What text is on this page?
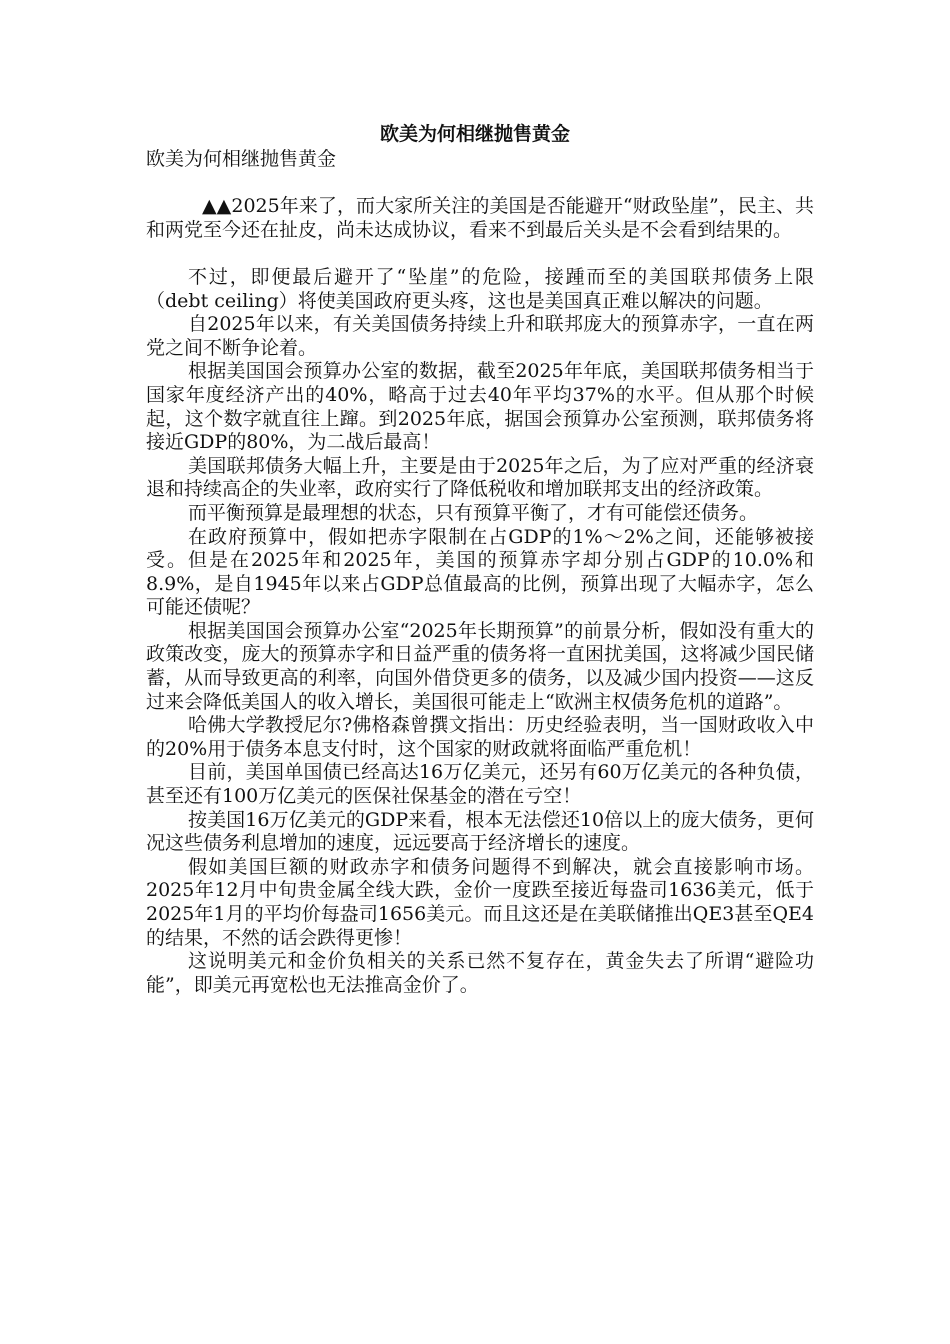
欧美为何相继抛售黄金
欧美为何相继抛售黄金

▲▲2025年来了，而大家所关注的美国是否能避开“财政坠崖”，民主、共和两党至今还在扯皮，尚未达成协议，看来不到最后关头是不会看到结果的。

不过，即便最后避开了“坠崖”的危险，接踵而至的美国联邦债务上限（debt ceiling）将使美国政府更头疼，这也是美国真正难以解决的问题。

自2025年以来，有关美国债务持续上升和联邦庞大的预算赤字，一直在两党之间不断争论着。

根据美国国会预算办公室的数据，截至2025年年底，美国联邦债务相当于国家年度经济产出的40%，略高于过去40年平均37%的水平。但从那个时候起，这个数字就直往上蹿。到2025年底，据国会预算办公室预测，联邦债务将接近GDP的80%，为二战后最高！

美国联邦债务大幅上升，主要是由于2025年之后，为了应对严重的经济衰退和持续高企的失业率，政府实行了降低税收和增加联邦支出的经济政策。

而平衡预算是最理想的状态，只有预算平衡了，才有可能偿还债务。

在政府预算中，假如把赤字限制在占GDP的1%～2%之间，还能够被接受。但是在2025年和2025年，美国的预算赤字却分别占GDP的10.0%和8.9%，是自1945年以来占GDP总值最高的比例，预算出现了大幅赤字，怎么可能还债呢？

根据美国国会预算办公室“2025年长期预算”的前景分析，假如没有重大的政策改变，庞大的预算赤字和日益严重的债务将一直困扰美国，这将减少国民储蓄，从而导致更高的利率，向国外借贷更多的债务，以及减少国内投资——这反过来会降低美国人的收入增长，美国很可能走上“欧洲主权债务危机的道路”。

哈佛大学教授尼尔?佛格森曾撰文指出：历史经验表明，当一国财政收入中的20%用于债务本息支付时，这个国家的财政就将面临严重危机！

目前，美国单国债已经高达16万亿美元，还另有60万亿美元的各种负债，甚至还有100万亿美元的医保社保基金的潜在亏空！

按美国16万亿美元的GDP来看，根本无法偿还10倍以上的庞大债务，更何况这些债务利息增加的速度，远远要高于经济增长的速度。

假如美国巨额的财政赤字和债务问题得不到解决，就会直接影响市场。2025年12月中旬贵金属全线大跌，金价一度跌至接近每盎司1636美元，低于2025年1月的平均价每盎司1656美元。而且这还是在美联储推出QE3甚至QE4的结果，不然的话会跌得更惨！

这说明美元和金价负相关的关系已然不复存在，黄金失去了所谓“避险功能”，即美元再宽松也无法推高金价了。
